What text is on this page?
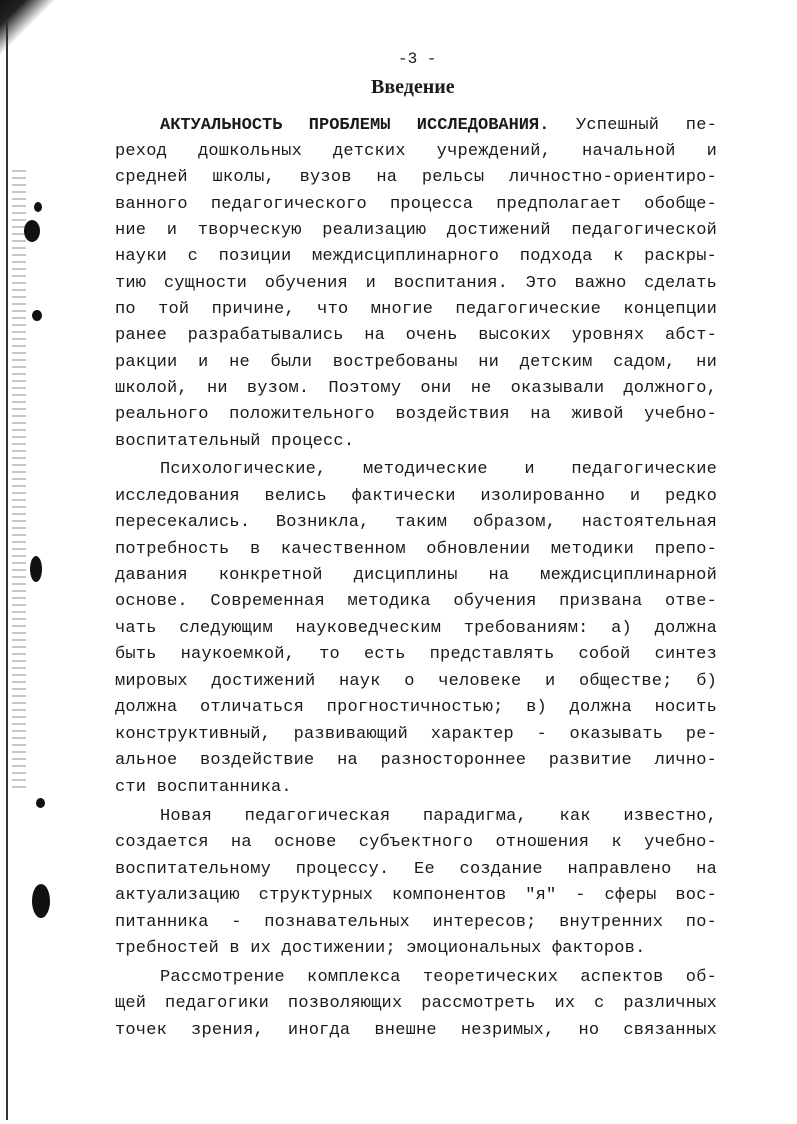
-3 -
Введение
АКТУАЛЬНОСТЬ ПРОБЛЕМЫ ИССЛЕДОВАНИЯ. Успешный пе-
реход дошкольных детских учреждений, начальной и
средней школы, вузов на рельсы личностно-ориентиро-
ванного педагогического процесса предполагает обобще-
ние и творческую реализацию достижений педагогической
науки с позиции междисциплинарного подхода к раскры-
тию сущности обучения и воспитания. Это важно сделать
по той причине, что многие педагогические концепции
ранее разрабатывались на очень высоких уровнях абст-
ракции и не были востребованы ни детским садом, ни
школой, ни вузом. Поэтому они не оказывали должного,
реального положительного воздействия на живой учебно-
воспитательный процесс.
Психологические, методические и педагогические
исследования велись фактически изолированно и редко
пересекались. Возникла, таким образом, настоятельная
потребность в качественном обновлении методики препо-
давания конкретной дисциплины на междисциплинарной
основе. Современная методика обучения призвана отве-
чать следующим науковедческим требованиям: а) должна
быть наукоемкой, то есть представлять собой синтез
мировых достижений наук о человеке и обществе; б)
должна отличаться прогностичностью; в) должна носить
конструктивный, развивающий характер - оказывать ре-
альное воздействие на разностороннее развитие лично-
сти воспитанника.
Новая педагогическая парадигма, как известно,
создается на основе субъектного отношения к учебно-
воспитательному процессу. Ее создание направлено на
актуализацию структурных компонентов "я" - сферы вос-
питанника - познавательных интересов; внутренних по-
требностей в их достижении; эмоциональных факторов.
Рассмотрение комплекса теоретических аспектов об-
щей педагогики позволяющих рассмотреть их с различных
точек зрения, иногда внешне незримых, но связанных
